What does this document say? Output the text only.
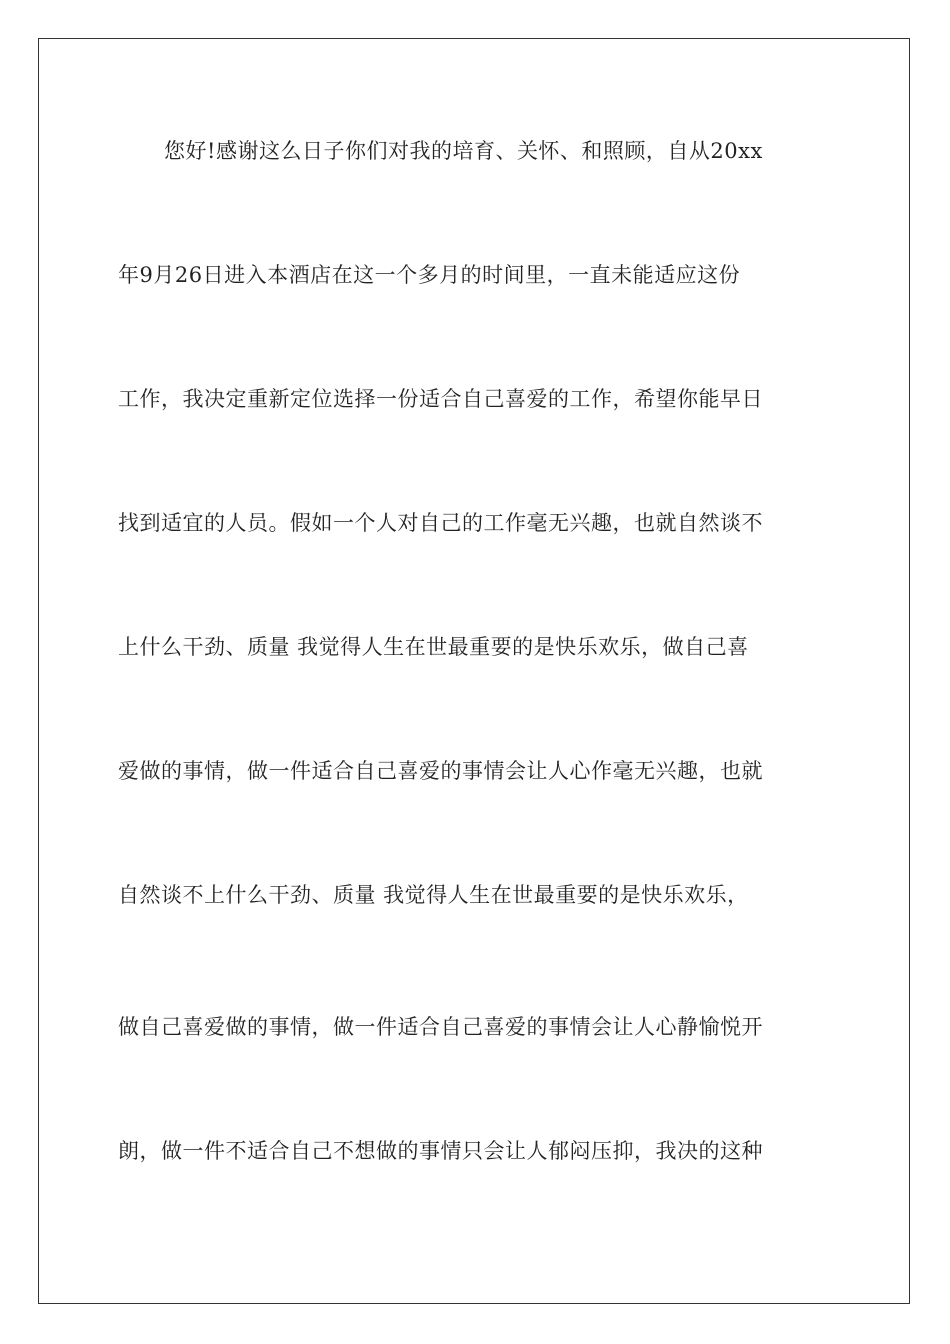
您好!感谢这么日子你们对我的培育、关怀、和照顾，自从20xx

年9月26日进入本酒店在这一个多月的时间里，一直未能适应这份

工作，我决定重新定位选择一份适合自己喜爱的工作，希望你能早日

找到适宜的人员。假如一个人对自己的工作毫无兴趣，也就自然谈不

上什么干劲、质量 我觉得人生在世最重要的是快乐欢乐，做自己喜

爱做的事情，做一件适合自己喜爱的事情会让人心作毫无兴趣，也就

自然谈不上什么干劲、质量 我觉得人生在世最重要的是快乐欢乐，

做自己喜爱做的事情，做一件适合自己喜爱的事情会让人心静愉悦开

朗，做一件不适合自己不想做的事情只会让人郁闷压抑，我决的这种
